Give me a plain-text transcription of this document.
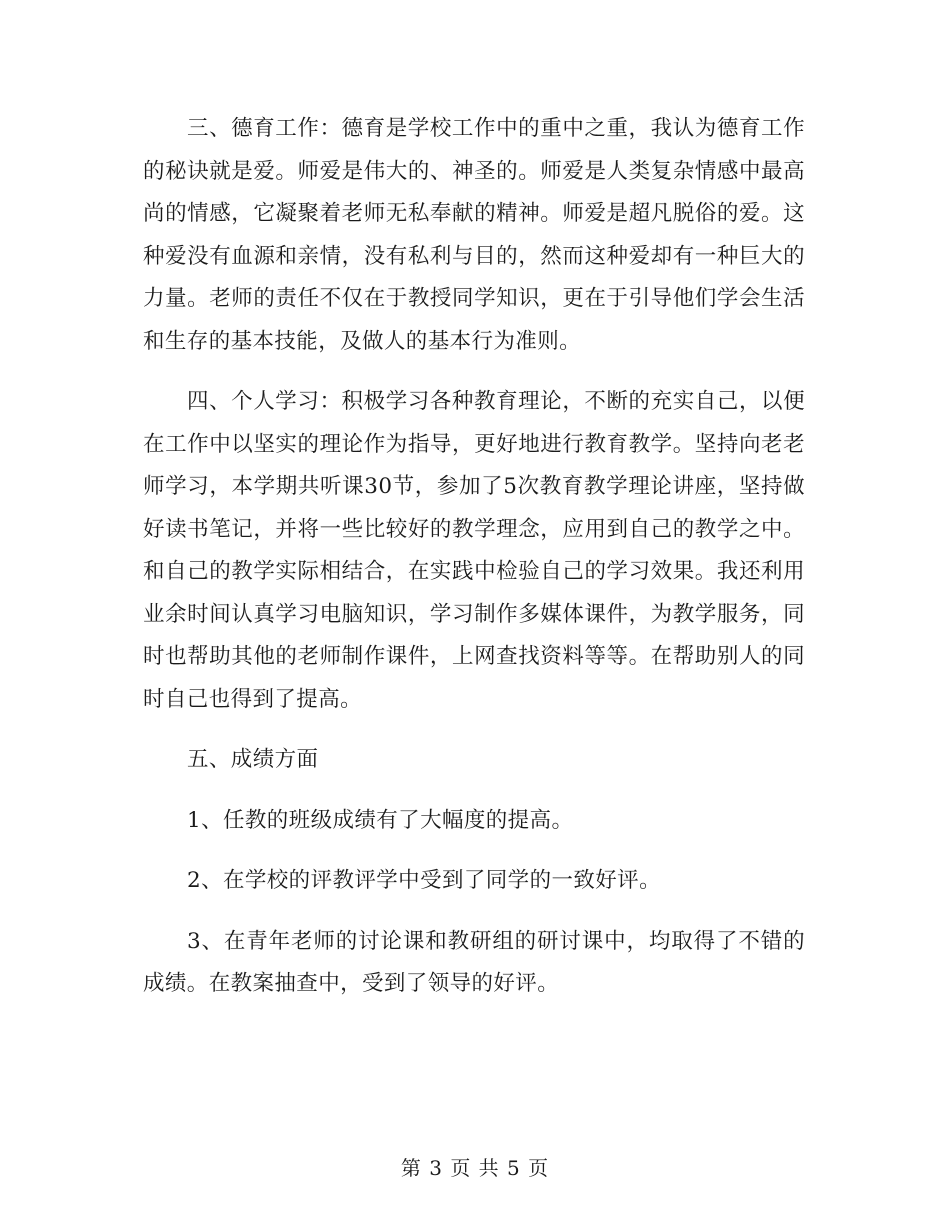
三、德育工作：德育是学校工作中的重中之重，我认为德育工作的秘诀就是爱。师爱是伟大的、神圣的。师爱是人类复杂情感中最高尚的情感，它凝聚着老师无私奉献的精神。师爱是超凡脱俗的爱。这种爱没有血源和亲情，没有私利与目的，然而这种爱却有一种巨大的力量。老师的责任不仅在于教授同学知识，更在于引导他们学会生活和生存的基本技能，及做人的基本行为准则。

四、个人学习：积极学习各种教育理论，不断的充实自己，以便在工作中以坚实的理论作为指导，更好地进行教育教学。坚持向老老师学习，本学期共听课30节，参加了5次教育教学理论讲座，坚持做好读书笔记，并将一些比较好的教学理念，应用到自己的教学之中。和自己的教学实际相结合，在实践中检验自己的学习效果。我还利用业余时间认真学习电脑知识，学习制作多媒体课件，为教学服务，同时也帮助其他的老师制作课件，上网查找资料等等。在帮助别人的同时自己也得到了提高。

五、成绩方面

1、任教的班级成绩有了大幅度的提高。

2、在学校的评教评学中受到了同学的一致好评。

3、在青年老师的讨论课和教研组的研讨课中，均取得了不错的成绩。在教案抽查中，受到了领导的好评。

第 3 页 共 5 页
